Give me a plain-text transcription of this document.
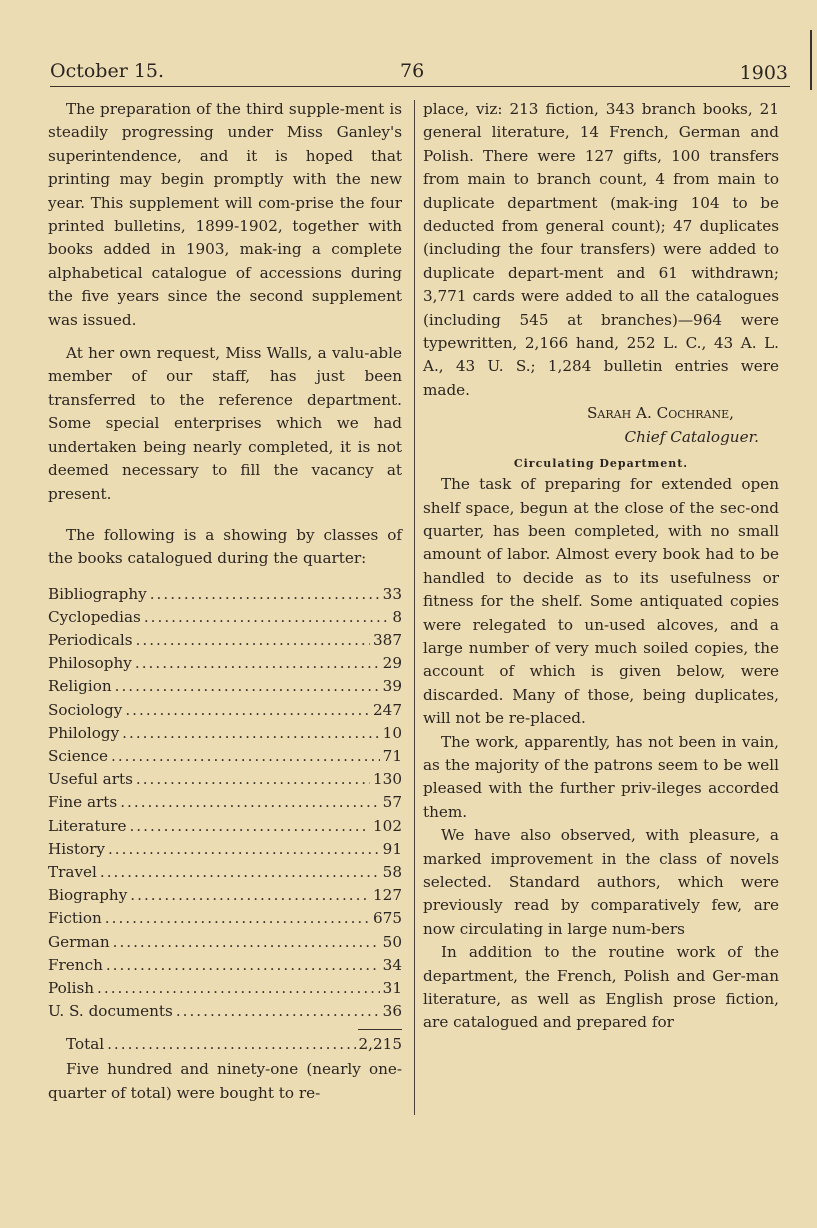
October 15.	76	1903

The preparation of the third supple-ment is steadily progressing under Miss Ganley's superintendence, and it is hoped that printing may begin promptly with the new year. This supplement will com-prise the four printed bulletins, 1899-1902, together with books added in 1903, mak-ing a complete alphabetical catalogue of accessions during the five years since the second supplement was issued.

At her own request, Miss Walls, a valu-able member of our staff, has just been transferred to the reference department. Some special enterprises which we had undertaken being nearly completed, it is not deemed necessary to fill the vacancy at present.

The following is a showing by classes of the books catalogued during the quarter:

Bibliography .....	33
Cyclopedias .....	8
Periodicals .....	387
Philosophy .....	29
Religion .....	39
Sociology .....	247
Philology .....	10
Science .....	71
Useful arts .....	130
Fine arts .....	57
Literature .....	102
History .....	91
Travel .....	58
Biography .....	127
Fiction .....	675
German .....	50
French .....	34
Polish .....	31
U. S. documents .....	36
Total .....	2,215

Five hundred and ninety-one (nearly one-quarter of total) were bought to re-

place, viz: 213 fiction, 343 branch books, 21 general literature, 14 French, German and Polish. There were 127 gifts, 100 transfers from main to branch count, 4 from main to duplicate department (mak-ing 104 to be deducted from general count); 47 duplicates (including the four transfers) were added to duplicate depart-ment and 61 withdrawn; 3,771 cards were added to all the catalogues (including 545 at branches)—964 were typewritten, 2,166 hand, 252 L. C., 43 A. L. A., 43 U. S.; 1,284 bulletin entries were made.

Sarah A. Cochrane,
Chief Cataloguer.
Circulating Department.

The task of preparing for extended open shelf space, begun at the close of the sec-ond quarter, has been completed, with no small amount of labor. Almost every book had to be handled to decide as to its usefulness or fitness for the shelf. Some antiquated copies were relegated to un-used alcoves, and a large number of very much soiled copies, the account of which is given below, were discarded. Many of those, being duplicates, will not be re-placed.

The work, apparently, has not been in vain, as the majority of the patrons seem to be well pleased with the further priv-ileges accorded them.

We have also observed, with pleasure, a marked improvement in the class of novels selected. Standard authors, which were previously read by comparatively few, are now circulating in large num-bers

In addition to the routine work of the department, the French, Polish and Ger-man literature, as well as English prose fiction, are catalogued and prepared for
